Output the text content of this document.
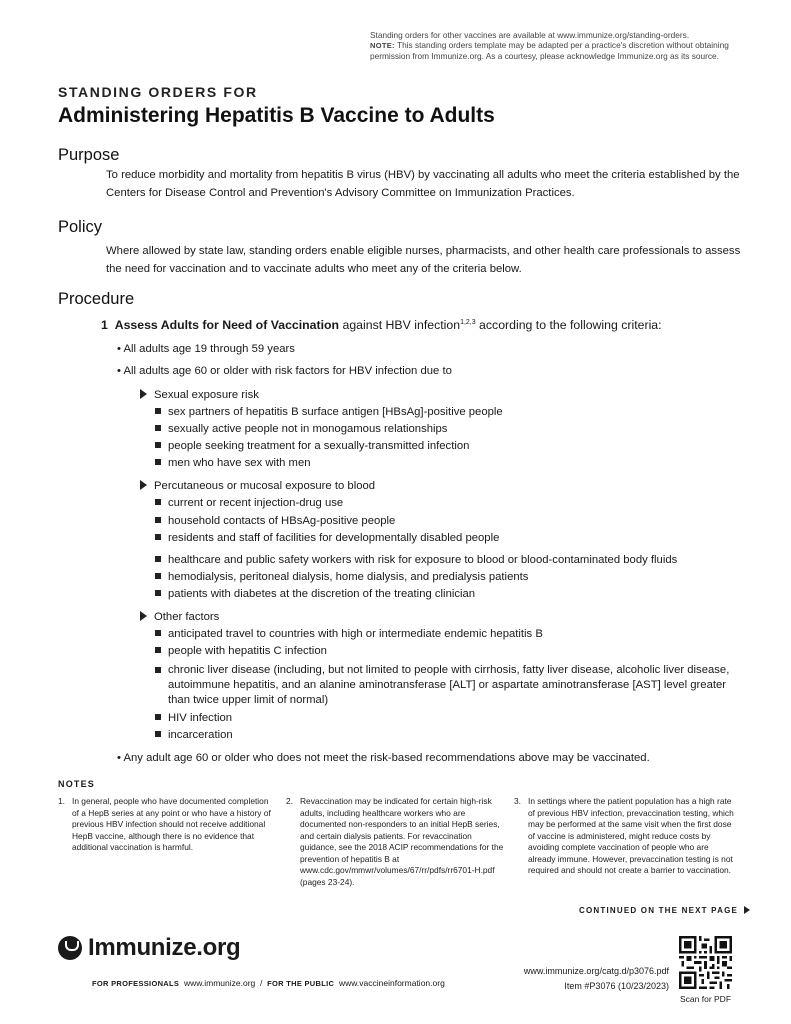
Standing orders for other vaccines are available at www.immunize.org/standing-orders.
NOTE: This standing orders template may be adapted per a practice's discretion without obtaining permission from Immunize.org. As a courtesy, please acknowledge Immunize.org as its source.
STANDING ORDERS FOR
Administering Hepatitis B Vaccine to Adults
Purpose

To reduce morbidity and mortality from hepatitis B virus (HBV) by vaccinating all adults who meet the criteria established by the Centers for Disease Control and Prevention's Advisory Committee on Immunization Practices.

Policy

Where allowed by state law, standing orders enable eligible nurses, pharmacists, and other health care professionals to assess the need for vaccination and to vaccinate adults who meet any of the criteria below.

Procedure
1 Assess Adults for Need of Vaccination against HBV infection$^{1,2,3}$ according to the following criteria:
• All adults age 19 through 59 years
• All adults age 60 or older with risk factors for HBV infection due to
Sexual exposure risk
sex partners of hepatitis B surface antigen [HBsAg]-positive people
sexually active people not in monogamous relationships
people seeking treatment for a sexually-transmitted infection
men who have sex with men
Percutaneous or mucosal exposure to blood
current or recent injection-drug use
household contacts of HBsAg-positive people
residents and staff of facilities for developmentally disabled people
healthcare and public safety workers with risk for exposure to blood or blood-contaminated body fluids
hemodialysis, peritoneal dialysis, home dialysis, and predialysis patients
patients with diabetes at the discretion of the treating clinician
Other factors
anticipated travel to countries with high or intermediate endemic hepatitis B
people with hepatitis C infection
chronic liver disease (including, but not limited to people with cirrhosis, fatty liver disease, alcoholic liver disease, autoimmune hepatitis, and an alanine aminotransferase [ALT] or aspartate aminotransferase [AST] level greater than twice upper limit of normal)
HIV infection
incarceration
• Any adult age 60 or older who does not meet the risk-based recommendations above may be vaccinated.
NOTES
1. In general, people who have documented completion of a HepB series at any point or who have a history of previous HBV infection should not receive additional HepB vaccine, although there is no evidence that additional vaccination is harmful.
2. Revaccination may be indicated for certain high-risk adults, including healthcare workers who are documented non-responders to an initial HepB series, and certain dialysis patients. For revaccination guidance, see the 2018 ACIP recommendations for the prevention of hepatitis B at www.cdc.gov/mmwr/volumes/67/rr/pdfs/rr6701-H.pdf (pages 23-24).
3. In settings where the patient population has a high rate of previous HBV infection, prevaccination testing, which may be performed at the same visit when the first dose of vaccine is administered, might reduce costs by avoiding complete vaccination of people who are already immune. However, prevaccination testing is not required and should not create a barrier to vaccination.
CONTINUED ON THE NEXT PAGE
Immunize.org
FOR PROFESSIONALS www.immunize.org / FOR THE PUBLIC www.vaccineinformation.org
www.immunize.org/catg.d/p3076.pdf
Item #P3076 (10/23/2023)
Scan for PDF
